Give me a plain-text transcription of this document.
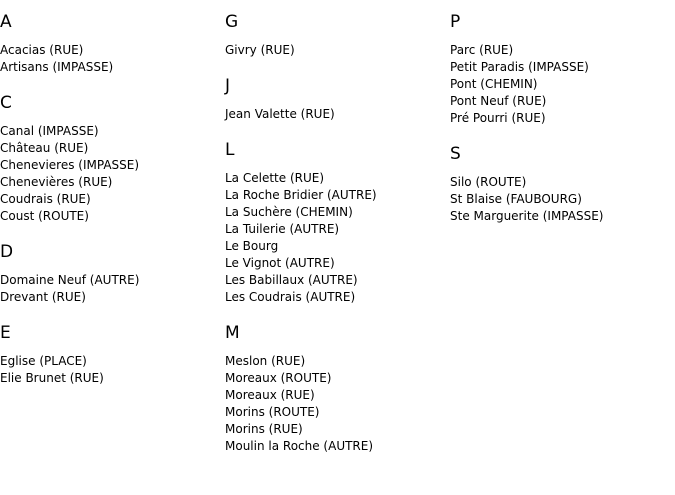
A
Acacias (RUE)
Artisans (IMPASSE)
C
Canal (IMPASSE)
Château (RUE)
Chenevieres (IMPASSE)
Chenevières (RUE)
Coudrais (RUE)
Coust (ROUTE)
D
Domaine Neuf (AUTRE)
Drevant (RUE)
E
Eglise (PLACE)
Elie Brunet (RUE)
G
Givry (RUE)
J
Jean Valette (RUE)
L
La Celette (RUE)
La Roche Bridier (AUTRE)
La Suchère (CHEMIN)
La Tuilerie (AUTRE)
Le Bourg
Le Vignot (AUTRE)
Les Babillaux (AUTRE)
Les Coudrais (AUTRE)
M
Meslon (RUE)
Moreaux (ROUTE)
Moreaux (RUE)
Morins (ROUTE)
Morins (RUE)
Moulin la Roche (AUTRE)
P
Parc (RUE)
Petit Paradis (IMPASSE)
Pont (CHEMIN)
Pont Neuf (RUE)
Pré Pourri (RUE)
S
Silo (ROUTE)
St Blaise (FAUBOURG)
Ste Marguerite (IMPASSE)
